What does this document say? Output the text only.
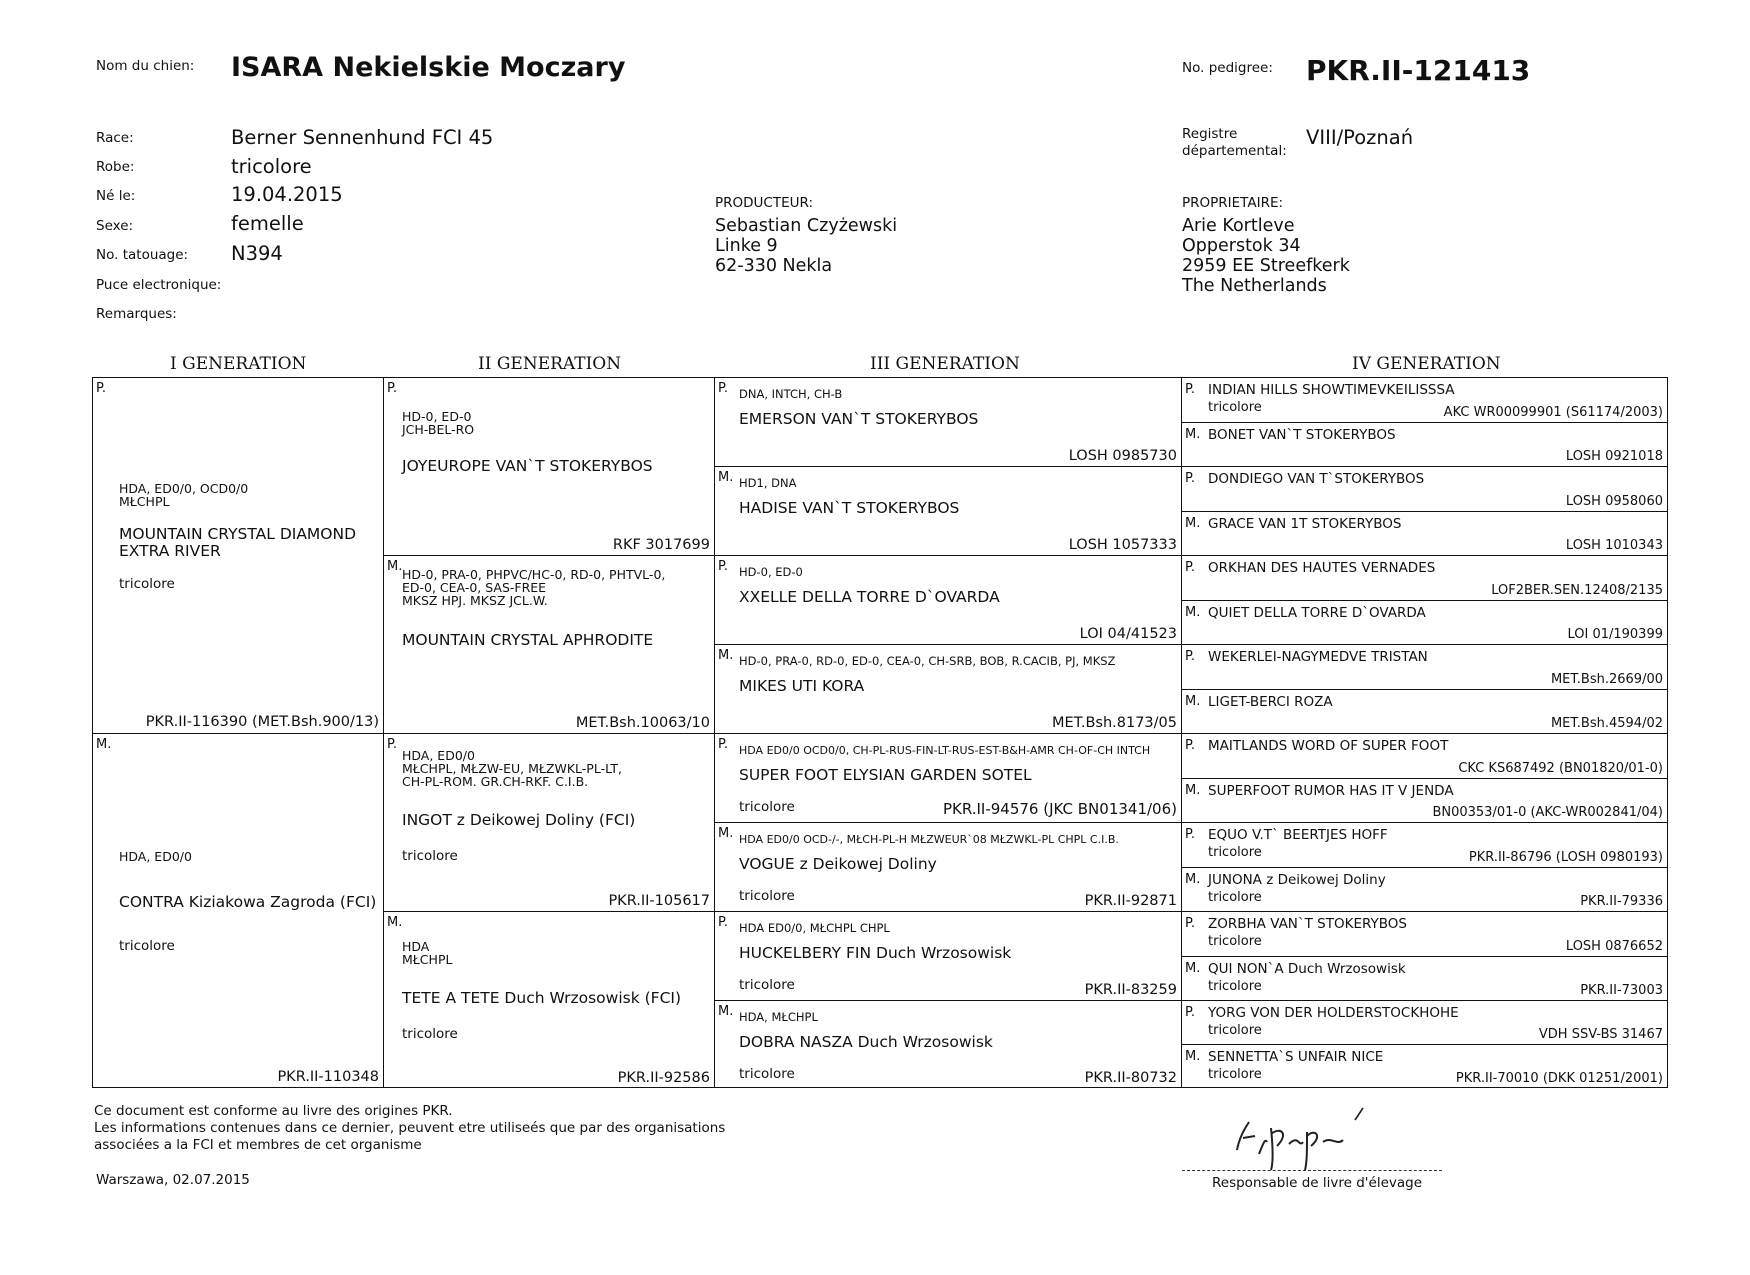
Nom du chien: ISARA Nekielskie Moczary	No. pedigree: PKR.II-121413
Registre
départemental:
VIII/Poznań
Race:	Berner Sennenhund FCI 45
Robe:	tricolore
Né le:	19.04.2015
Sexe:	femelle
No. tatouage: N394
Puce electronique:
Remarques:
PRODUCTEUR:
Sebastian Czyżewski
Linke 9
62-330 Nekla
PROPRIETAIRE:
Arie Kortleve
Opperstok 34
2959 EE Streefkerk
The Netherlands
I GENERATION	II GENERATION	III GENERATION	IV GENERATION
P.
HDA, ED0/0, OCD0/0
MŁCHPL
MOUNTAIN CRYSTAL DIAMOND
EXTRA RIVER
tricolore
PKR.II-116390 (MET.Bsh.900/13)
M.
HDA, ED0/0
CONTRA Kiziakowa Zagroda (FCI)
tricolore
PKR.II-110348
P.
HD-0, ED-0
JCH-BEL-RO
JOYEUROPE VAN`T STOKERYBOS
RKF 3017699
M.
HD-0, PRA-0, PHPVC/HC-0, RD-0, PHTVL-0,
ED-0, CEA-0, SAS-FREE
MKSZ HPJ. MKSZ JCL.W.
MOUNTAIN CRYSTAL APHRODITE
MET.Bsh.10063/10
P.
HDA, ED0/0
MŁCHPL, MŁZW-EU, MŁZWKL-PL-LT,
CH-PL-ROM. GR.CH-RKF. C.I.B.
INGOT z Deikowej Doliny (FCI)
tricolore
PKR.II-105617
M.
HDA
MŁCHPL
TETE A TETE Duch Wrzosowisk (FCI)
tricolore
PKR.II-92586
P. DNA, INTCH, CH-B
EMERSON VAN`T STOKERYBOS
LOSH 0985730
M. HD1, DNA
HADISE VAN`T STOKERYBOS
LOSH 1057333
P. HD-0, ED-0
XXELLE DELLA TORRE D`OVARDA
LOI 04/41523
M. HD-0, PRA-0, RD-0, ED-0, CEA-0, CH-SRB, BOB, R.CACIB, PJ, MKSZ
MIKES UTI KORA
MET.Bsh.8173/05
P. HDA ED0/0 OCD0/0, CH-PL-RUS-FIN-LT-RUS-EST-B&H-AMR CH-OF-CH INTCH
SUPER FOOT ELYSIAN GARDEN SOTEL
tricolore	PKR.II-94576 (JKC BN01341/06)
M. HDA ED0/0 OCD-/-, MŁCH-PL-H MŁZWEUR`08 MŁZWKL-PL CHPL C.I.B.
VOGUE z Deikowej Doliny
tricolore	PKR.II-92871
P. HDA ED0/0, MŁCHPL CHPL
HUCKELBERY FIN Duch Wrzosowisk
tricolore	PKR.II-83259
M. HDA, MŁCHPL
DOBRA NASZA Duch Wrzosowisk
tricolore	PKR.II-80732
P. INDIAN HILLS SHOWTIMEVKEILISSSA
tricolore	AKC WR00099901 (S61174/2003)
M. BONET VAN`T STOKERYBOS
LOSH 0921018
P. DONDIEGO VAN T`STOKERYBOS
LOSH 0958060
M. GRACE VAN 1T STOKERYBOS
LOSH 1010343
P. ORKHAN DES HAUTES VERNADES
LOF2BER.SEN.12408/2135
M. QUIET DELLA TORRE D`OVARDA
LOI 01/190399
P. WEKERLEI-NAGYMEDVE TRISTAN
MET.Bsh.2669/00
M. LIGET-BERCI ROZA
MET.Bsh.4594/02
P. MAITLANDS WORD OF SUPER FOOT
CKC KS687492 (BN01820/01-0)
M. SUPERFOOT RUMOR HAS IT V JENDA
BN00353/01-0 (AKC-WR002841/04)
P. EQUO V.T` BEERTJES HOFF
tricolore	PKR.II-86796 (LOSH 0980193)
M. JUNONA z Deikowej Doliny
tricolore	PKR.II-79336
P. ZORBHA VAN`T STOKERYBOS
tricolore	LOSH 0876652
M. QUI NON`A Duch Wrzosowisk
tricolore	PKR.II-73003
P. YORG VON DER HOLDERSTOCKHOHE
tricolore	VDH SSV-BS 31467
M. SENNETTA`S UNFAIR NICE
tricolore	PKR.II-70010 (DKK 01251/2001)
Ce document est conforme au livre des origines PKR.
Les informations contenues dans ce dernier, peuvent etre utiliseés que par des organisations
associées a la FCI et membres de cet organisme
Warszawa, 02.07.2015	Responsable de livre d'élevage
